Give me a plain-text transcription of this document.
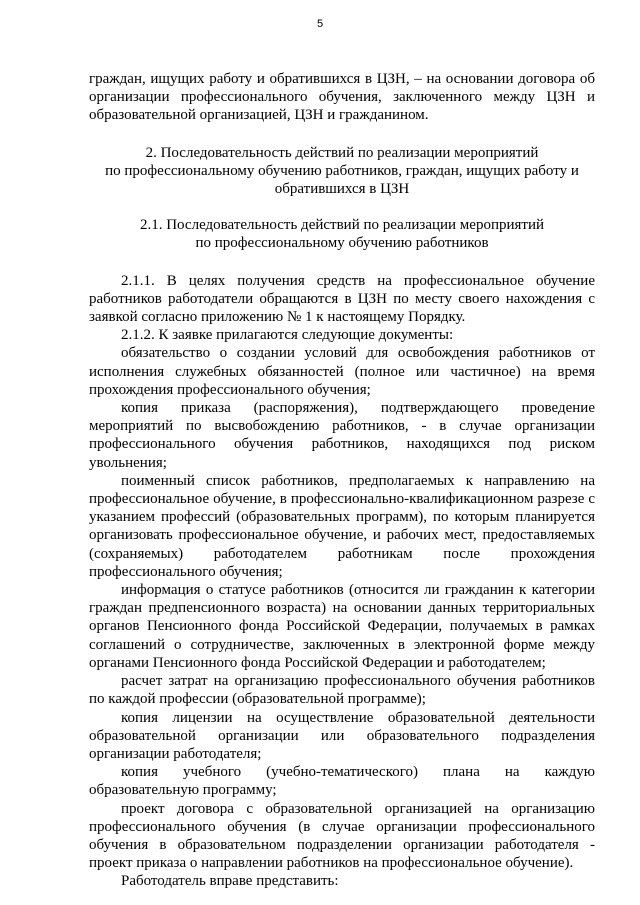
5

граждан, ищущих работу и обратившихся в ЦЗН, – на основании договора об организации профессионального обучения, заключенного между ЦЗН и образовательной организацией, ЦЗН и гражданином.

2. Последовательность действий по реализации мероприятий
по профессиональному обучению работников, граждан, ищущих работу и
обратившихся в ЦЗН
2.1. Последовательность действий по реализации мероприятий
по профессиональному обучению работников

2.1.1. В целях получения средств на профессиональное обучение работников работодатели обращаются в ЦЗН по месту своего нахождения с заявкой согласно приложению № 1 к настоящему Порядку.

2.1.2. К заявке прилагаются следующие документы:

обязательство о создании условий для освобождения работников от исполнения служебных обязанностей (полное или частичное) на время прохождения профессионального обучения;

копия приказа (распоряжения), подтверждающего проведение мероприятий по высвобождению работников, - в случае организации профессионального обучения работников, находящихся под риском увольнения;

поименный список работников, предполагаемых к направлению на профессиональное обучение, в профессионально-квалификационном разрезе с указанием профессий (образовательных программ), по которым планируется организовать профессиональное обучение, и рабочих мест, предоставляемых (сохраняемых) работодателем работникам после прохождения профессионального обучения;

информация о статусе работников (относится ли гражданин к категории граждан предпенсионного возраста) на основании данных территориальных органов Пенсионного фонда Российской Федерации, получаемых в рамках соглашений о сотрудничестве, заключенных в электронной форме между органами Пенсионного фонда Российской Федерации и работодателем;

расчет затрат на организацию профессионального обучения работников по каждой профессии (образовательной программе);

копия лицензии на осуществление образовательной деятельности образовательной организации или образовательного подразделения организации работодателя;

копия учебного (учебно-тематического) плана на каждую образовательную программу;

проект договора с образовательной организацией на организацию профессионального обучения (в случае организации профессионального обучения в образовательном подразделении организации работодателя - проект приказа о направлении работников на профессиональное обучение).

Работодатель вправе представить:
